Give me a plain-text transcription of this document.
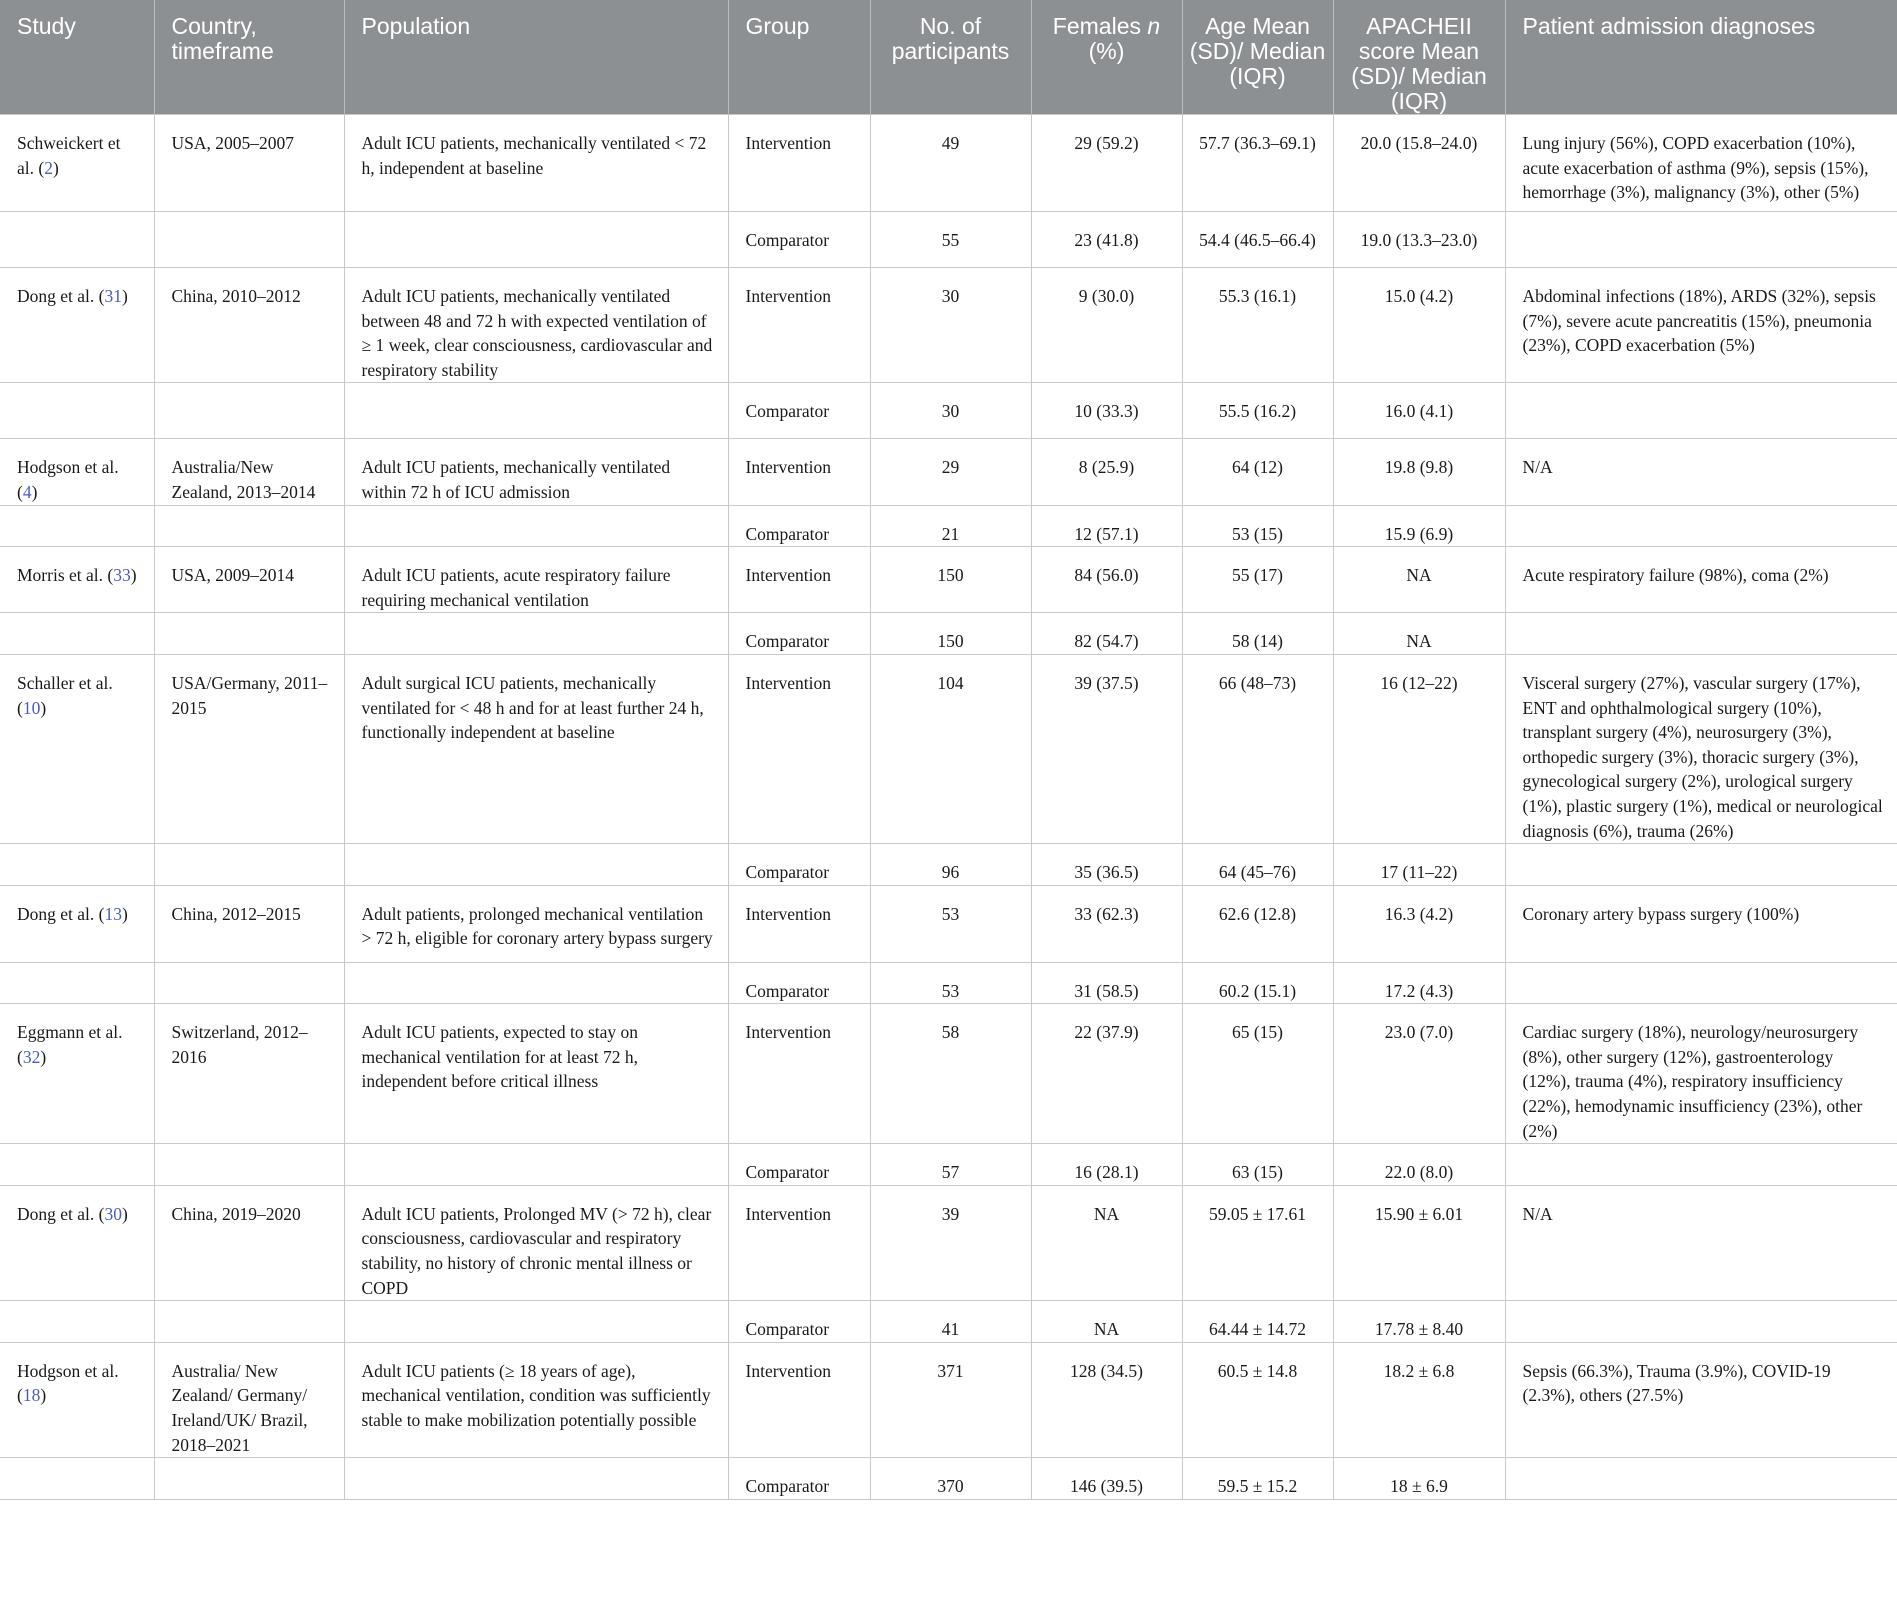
Study	Country, timeframe	Population	Group	No. of participants	Females n (%)	Age Mean (SD)/ Median (IQR)	APACHEII score Mean (SD)/ Median (IQR)	Patient admission diagnoses
Schweickert et al. (2)	USA, 2005–2007	Adult ICU patients, mechanically ventilated < 72 h, independent at baseline	Intervention	49	29 (59.2)	57.7 (36.3–69.1)	20.0 (15.8–24.0)	Lung injury (56%), COPD exacerbation (10%), acute exacerbation of asthma (9%), sepsis (15%), hemorrhage (3%), malignancy (3%), other (5%)
			Comparator	55	23 (41.8)	54.4 (46.5–66.4)	19.0 (13.3–23.0)	
Dong et al. (31)	China, 2010–2012	Adult ICU patients, mechanically ventilated between 48 and 72 h with expected ventilation of ≥ 1 week, clear consciousness, cardiovascular and respiratory stability	Intervention	30	9 (30.0)	55.3 (16.1)	15.0 (4.2)	Abdominal infections (18%), ARDS (32%), sepsis (7%), severe acute pancreatitis (15%), pneumonia (23%), COPD exacerbation (5%)
			Comparator	30	10 (33.3)	55.5 (16.2)	16.0 (4.1)	
Hodgson et al. (4)	Australia/New Zealand, 2013–2014	Adult ICU patients, mechanically ventilated within 72 h of ICU admission	Intervention	29	8 (25.9)	64 (12)	19.8 (9.8)	N/A
			Comparator	21	12 (57.1)	53 (15)	15.9 (6.9)	
Morris et al. (33)	USA, 2009–2014	Adult ICU patients, acute respiratory failure requiring mechanical ventilation	Intervention	150	84 (56.0)	55 (17)	NA	Acute respiratory failure (98%), coma (2%)
			Comparator	150	82 (54.7)	58 (14)	NA	
Schaller et al. (10)	USA/Germany, 2011–2015	Adult surgical ICU patients, mechanically ventilated for < 48 h and for at least further 24 h, functionally independent at baseline	Intervention	104	39 (37.5)	66 (48–73)	16 (12–22)	Visceral surgery (27%), vascular surgery (17%), ENT and ophthalmological surgery (10%), transplant surgery (4%), neurosurgery (3%), orthopedic surgery (3%), thoracic surgery (3%), gynecological surgery (2%), urological surgery (1%), plastic surgery (1%), medical or neurological diagnosis (6%), trauma (26%)
			Comparator	96	35 (36.5)	64 (45–76)	17 (11–22)	
Dong et al. (13)	China, 2012–2015	Adult patients, prolonged mechanical ventilation > 72 h, eligible for coronary artery bypass surgery	Intervention	53	33 (62.3)	62.6 (12.8)	16.3 (4.2)	Coronary artery bypass surgery (100%)
			Comparator	53	31 (58.5)	60.2 (15.1)	17.2 (4.3)	
Eggmann et al. (32)	Switzerland, 2012–2016	Adult ICU patients, expected to stay on mechanical ventilation for at least 72 h, independent before critical illness	Intervention	58	22 (37.9)	65 (15)	23.0 (7.0)	Cardiac surgery (18%), neurology/neurosurgery (8%), other surgery (12%), gastroenterology (12%), trauma (4%), respiratory insufficiency (22%), hemodynamic insufficiency (23%), other (2%)
			Comparator	57	16 (28.1)	63 (15)	22.0 (8.0)	
Dong et al. (30)	China, 2019–2020	Adult ICU patients, Prolonged MV (> 72 h), clear consciousness, cardiovascular and respiratory stability, no history of chronic mental illness or COPD	Intervention	39	NA	59.05 ± 17.61	15.90 ± 6.01	N/A
			Comparator	41	NA	64.44 ± 14.72	17.78 ± 8.40	
Hodgson et al. (18)	Australia/ New Zealand/ Germany/ Ireland/UK/ Brazil, 2018–2021	Adult ICU patients (≥ 18 years of age), mechanical ventilation, condition was sufficiently stable to make mobilization potentially possible	Intervention	371	128 (34.5)	60.5 ± 14.8	18.2 ± 6.8	Sepsis (66.3%), Trauma (3.9%), COVID-19 (2.3%), others (27.5%)
			Comparator	370	146 (39.5)	59.5 ± 15.2	18 ± 6.9	
